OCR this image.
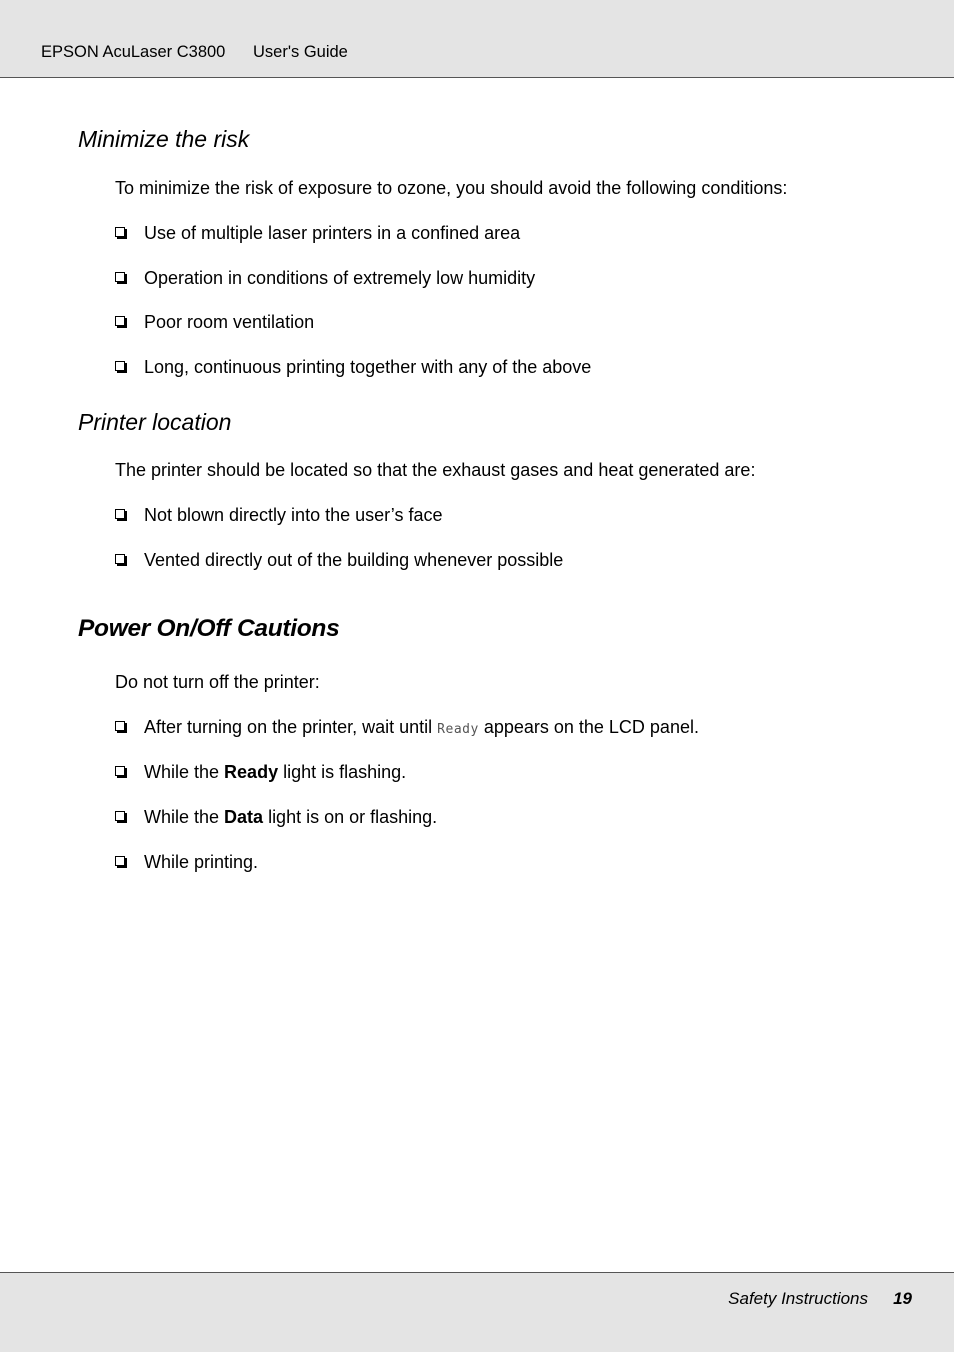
EPSON AcuLaser C3800 User's Guide
Minimize the risk

To minimize the risk of exposure to ozone, you should avoid the following conditions:

Use of multiple laser printers in a confined area
Operation in conditions of extremely low humidity
Poor room ventilation
Long, continuous printing together with any of the above
Printer location

The printer should be located so that the exhaust gases and heat generated are:

Not blown directly into the user’s face
Vented directly out of the building whenever possible
Power On/Off Cautions

Do not turn off the printer:

After turning on the printer, wait until Ready appears on the LCD panel.
While the Ready light is flashing.
While the Data light is on or flashing.
While printing.
Safety Instructions 19
